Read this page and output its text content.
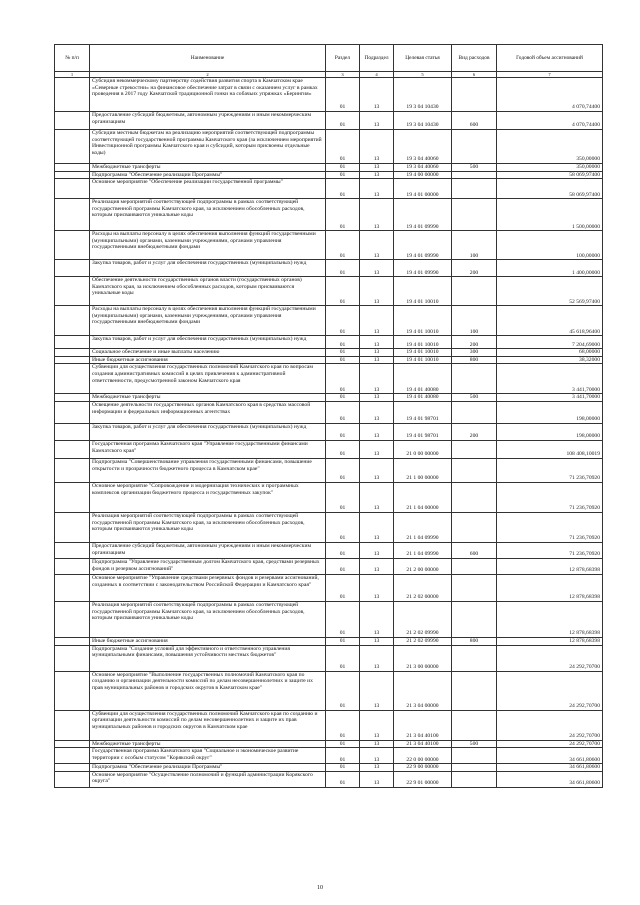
№ п/п	Наименование	Раздел	Подраздел	Целевая статья	Вид расходов	Годовой объем ассигнований
1	2	3	4	5	6	7
	Субсидия некоммерческому партнерству содействия развития спорта в Камчатском крае «Северные стрекостни» на финансовое обеспечение затрат в связи с оказанием услуг в рамках проведения в 2017 году Камчатской традиционной гонки на собачьих упряжках «Берингия»	01	13	19 3 04 10430		4 070,74400
	Предоставление субсидий бюджетным, автономным учреждениям и иным некоммерческим организациям	01	13	19 3 04 10430	600	4 070,74400
	Субсидии местным бюджетам на реализацию мероприятий соответствующей подпрограммы соответствующей государственной программы Камчатского края (за исключением мероприятий Инвестиционной программы Камчатского края и субсидий, которым присвоены отдельные коды)	01	13	19 3 04 40060		350,00000
	Межбюджетные трансферты	01	13	19 3 04 40060	500	350,00000
	Подпрограмма "Обеспечение реализации Программы"	01	13	19 4 00 00000		58 069,97400
	Основное мероприятие "Обеспечение реализации государственной программы"	01	13	19 4 01 00000		58 069,97400
	Реализация мероприятий соответствующей подпрограммы в рамках соответствующей государственной программы Камчатского края, за исключением обособленных расходов, которым присваиваются уникальные коды	01	13	19 4 01 09990		1 500,00000
	Расходы на выплаты персоналу в целях обеспечения выполнения функций государственными (муниципальными) органами, казенными учреждениями, органами управления государственными внебюджетными фондами	01	13	19 4 01 09990	100	100,00000
	Закупка товаров, работ и услуг для обеспечения государственных (муниципальных) нужд	01	13	19 4 01 09990	200	1 400,00000
	Обеспечение деятельности государственных органов власти (государственных органов) Камчатского края, за исключением обособленных расходов, которым присваиваются уникальные коды	01	13	19 4 01 10010		52 569,97400
	Расходы на выплаты персоналу в целях обеспечения выполнения функций государственными (муниципальными) органами, казенными учреждениями, органами управления государственными внебюджетными фондами	01	13	19 4 01 10010	100	45 618,96400
	Закупка товаров, работ и услуг для обеспечения государственных (муниципальных) нужд	01	13	19 4 01 10010	200	7 204,69000
	Социальное обеспечение и иные выплаты населению	01	13	19 4 01 10010	300	68,00000
	Иные бюджетные ассигнования	01	13	19 4 01 10010	800	38,32000
	Субвенции для осуществления государственных полномочий Камчатского края по вопросам создания административных комиссий в целях привлечения к административной ответственности, предусмотренной законом Камчатского края	01	13	19 4 01 40080		3 441,70000
	Межбюджетные трансферты	01	13	19 4 01 40080	500	3 441,70000
	Освещение деятельности государственных органов Камчатского края в средствах массовой информации и федеральных информационных агентствах	01	13	19 4 01 98701		198,00000
	Закупка товаров, работ и услуг для обеспечения государственных (муниципальных) нужд	01	13	19 4 01 98701	200	198,00000
	Государственная программа Камчатского края "Управление государственными финансами Камчатского края"	01	13	21 0 00 00000		108 408,10019
	Подпрограмма "Совершенствование управления государственными финансами, повышение открытости и прозрачности бюджетного процесса в Камчатском крае"	01	13	21 1 00 00000		71 236,70920
	Основное мероприятие "Сопровождение и модернизация технических и программных комплексов организации бюджетного процесса и государственных закупок"	01	13	21 1 04 00000		71 236,70920
	Реализация мероприятий соответствующей подпрограммы в рамках соответствующей государственной программы Камчатского края, за исключением обособленных расходов, которым присваиваются уникальные коды	01	13	21 1 04 09990		71 236,70920
	Предоставление субсидий бюджетным, автономным учреждениям и иным некоммерческим организациям	01	13	21 1 04 09990	600	71 236,70920
	Подпрограмма "Управление государственным долгом Камчатского края, средствами резервных фондов и резервом ассигнований"	01	13	21 2 00 00000		12 878,68398
	Основное мероприятие "Управление средствами резервных фондов и резервами ассигнований, созданных в соответствии с законодательством Российской Федерации и Камчатского края"	01	13	21 2 02 00000		12 878,68398
	Реализация мероприятий соответствующей подпрограммы в рамках соответствующей государственной программы Камчатского края, за исключением обособленных расходов, которым присваиваются уникальные коды	01	13	21 2 02 09990		12 878,68398
	Иные бюджетные ассигнования	01	13	21 2 02 09990	800	12 878,68398
	Подпрограмма "Создание условий для эффективного и ответственного управления муниципальными финансами, повышения устойчивости местных бюджетов"	01	13	21 3 00 00000		24 292,70700
	Основное мероприятие "Выполнение государственных полномочий Камчатского края по созданию и организации деятельности комиссий по делам несовершеннолетних и защите их прав муниципальных районов и городских округов в Камчатском крае"	01	13	21 3 04 00000		24 292,70700
	Субвенции для осуществления государственных полномочий Камчатского края по созданию и организации деятельности комиссий по делам несовершеннолетних и защите их прав муниципальных районов и городских округов в Камчатском крае	01	13	21 3 04 40100		24 292,70700
	Межбюджетные трансферты	01	13	21 3 04 40100	500	24 292,70700
	Государственная программа Камчатского края "Социальное и экономическое развитие территории с особым статусом "Корякский округ"	01	13	22 0 00 00000		34 661,80600
	Подпрограмма "Обеспечение реализации Программы"	01	13	22 9 00 00000		34 661,80600
	Основное мероприятие "Осуществление полномочий и функций администрации Корякского округа"	01	13	22 9 01 00000		34 661,80600
10
